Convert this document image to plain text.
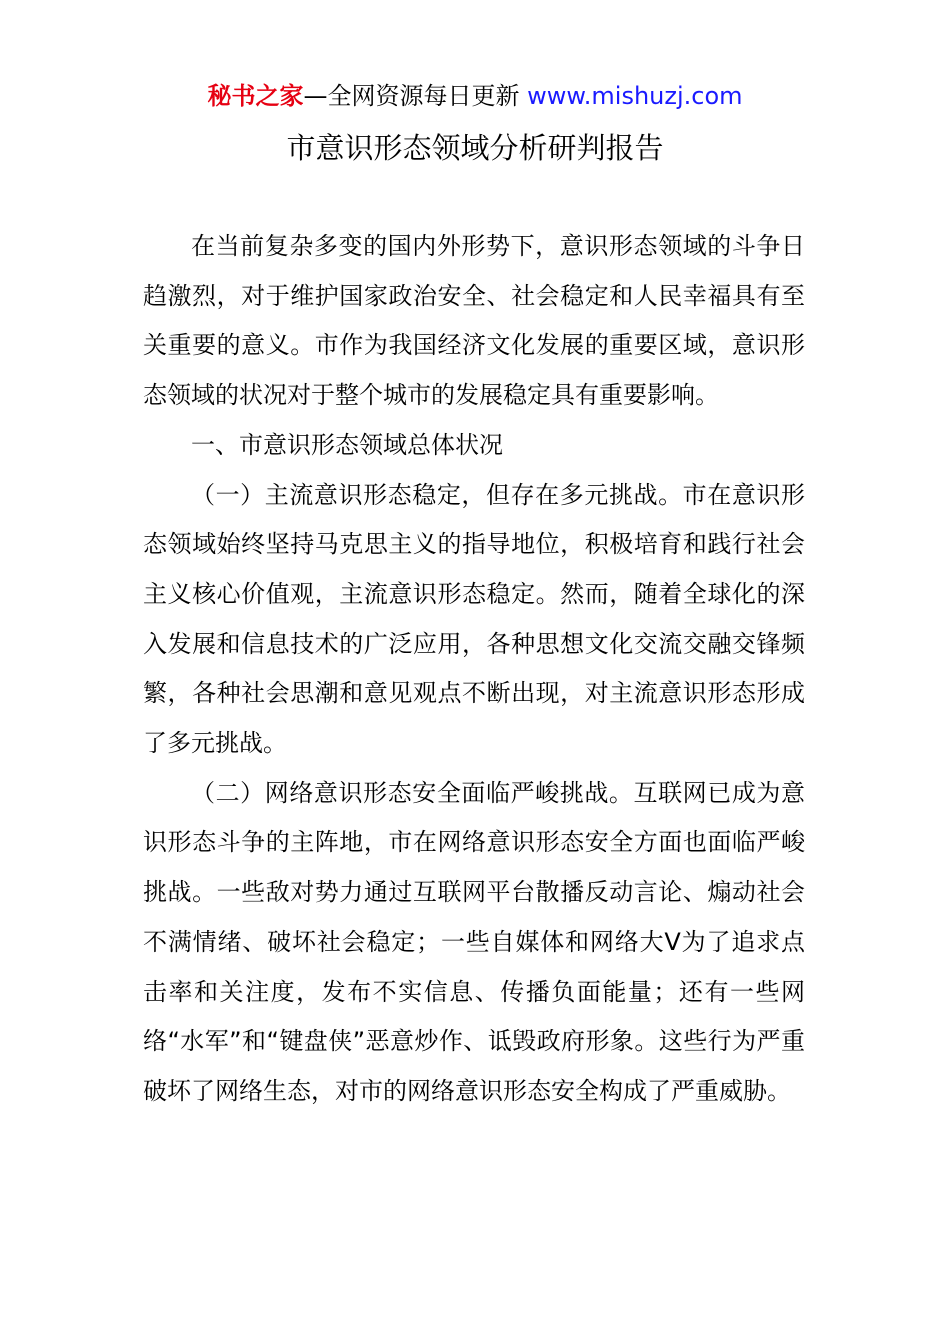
秘书之家—全网资源每日更新 www.mishuzj.com
市意识形态领域分析研判报告

在当前复杂多变的国内外形势下，意识形态领域的斗争日趋激烈，对于维护国家政治安全、社会稳定和人民幸福具有至关重要的意义。市作为我国经济文化发展的重要区域，意识形态领域的状况对于整个城市的发展稳定具有重要影响。

一、市意识形态领域总体状况

（一）主流意识形态稳定，但存在多元挑战。市在意识形态领域始终坚持马克思主义的指导地位，积极培育和践行社会主义核心价值观，主流意识形态稳定。然而，随着全球化的深入发展和信息技术的广泛应用，各种思想文化交流交融交锋频繁，各种社会思潮和意见观点不断出现，对主流意识形态形成了多元挑战。

（二）网络意识形态安全面临严峻挑战。互联网已成为意识形态斗争的主阵地，市在网络意识形态安全方面也面临严峻挑战。一些敌对势力通过互联网平台散播反动言论、煽动社会不满情绪、破坏社会稳定；一些自媒体和网络大V为了追求点击率和关注度，发布不实信息、传播负面能量；还有一些网络“水军”和“键盘侠”恶意炒作、诋毁政府形象。这些行为严重破坏了网络生态，对市的网络意识形态安全构成了严重威胁。
